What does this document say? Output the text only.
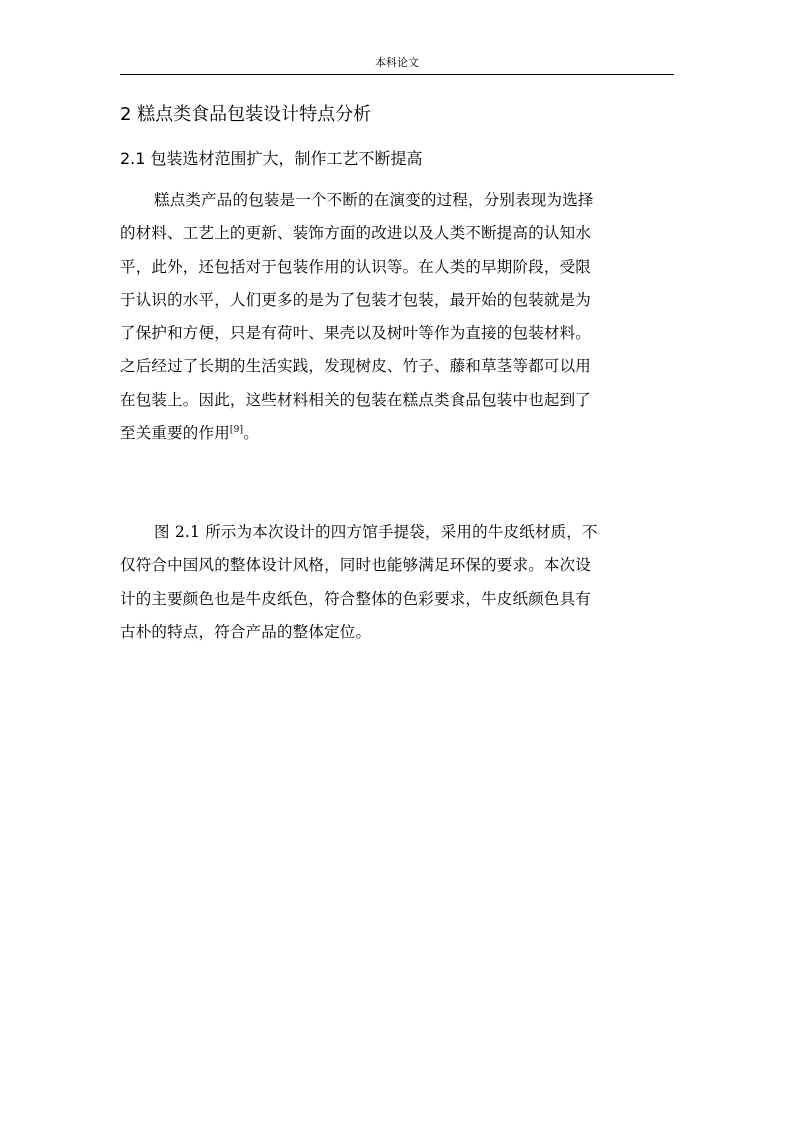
本科论文
2 糕点类食品包装设计特点分析
2.1 包装选材范围扩大，制作工艺不断提高
糕点类产品的包装是一个不断的在演变的过程，分别表现为选择
的材料、工艺上的更新、装饰方面的改进以及人类不断提高的认知水
平，此外，还包括对于包装作用的认识等。在人类的早期阶段，受限
于认识的水平，人们更多的是为了包装才包装，最开始的包装就是为
了保护和方便，只是有荷叶、果壳以及树叶等作为直接的包装材料。
之后经过了长期的生活实践，发现树皮、竹子、藤和草茎等都可以用
在包装上。因此，这些材料相关的包装在糕点类食品包装中也起到了
至关重要的作用[9]。
图 2.1 所示为本次设计的四方馆手提袋，采用的牛皮纸材质，不
仅符合中国风的整体设计风格，同时也能够满足环保的要求。本次设
计的主要颜色也是牛皮纸色，符合整体的色彩要求，牛皮纸颜色具有
古朴的特点，符合产品的整体定位。
